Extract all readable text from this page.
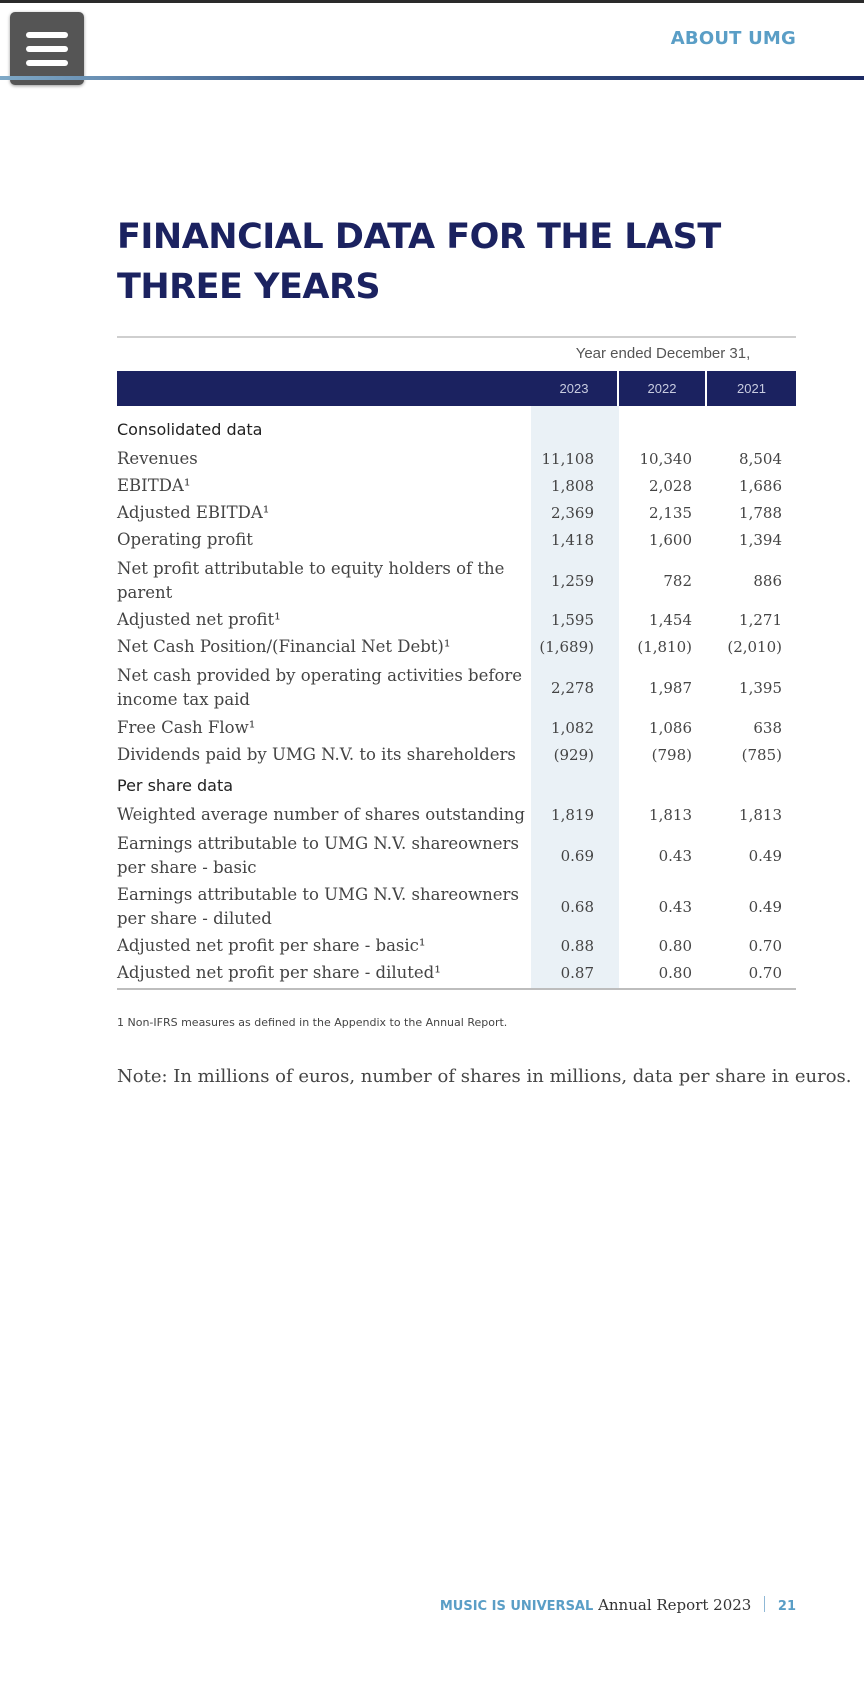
ABOUT UMG
FINANCIAL DATA FOR THE LAST THREE YEARS
Year ended December 31,
2023	2022	2021
Consolidated data
Revenues	11,108	10,340	8,504
EBITDA¹	1,808	2,028	1,686
Adjusted EBITDA¹	2,369	2,135	1,788
Operating profit	1,418	1,600	1,394
Net profit attributable to equity holders of the parent
1,259	782	886
Adjusted net profit¹	1,595	1,454	1,271
Net Cash Position/(Financial Net Debt)¹	(1,689)	(1,810)	(2,010)
Net cash provided by operating activities before income tax paid
2,278	1,987	1,395
Free Cash Flow¹	1,082	1,086	638
Dividends paid by UMG N.V. to its shareholders	(929)	(798)	(785)
Per share data
Weighted average number of shares outstanding	1,819	1,813	1,813
Earnings attributable to UMG N.V. shareowners per share - basic
0.69	0.43	0.49
Earnings attributable to UMG N.V. shareowners per share - diluted
0.68	0.43	0.49
Adjusted net profit per share - basic¹	0.88	0.80	0.70
Adjusted net profit per share - diluted¹	0.87	0.80	0.70
1 Non-IFRS measures as defined in the Appendix to the Annual Report.
Note: In millions of euros, number of shares in millions, data per share in euros.
MUSIC IS UNIVERSAL Annual Report 2023 21
